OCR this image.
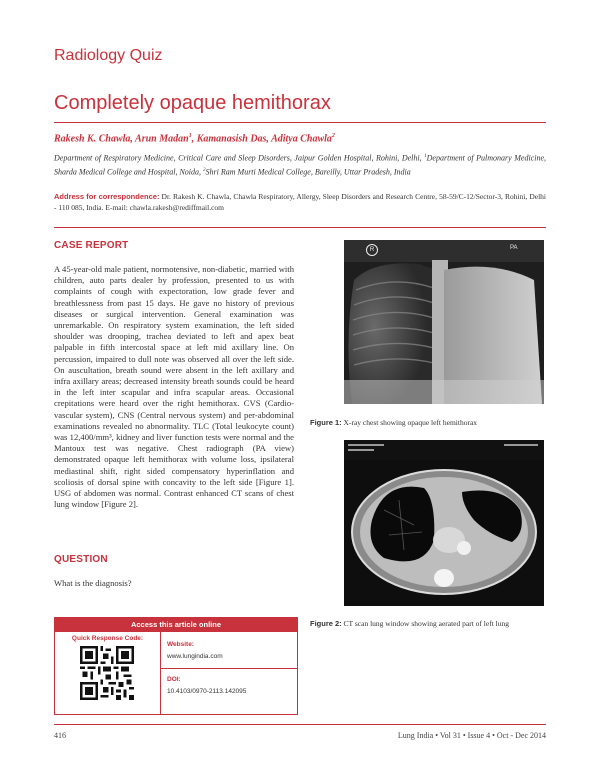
Radiology Quiz
Completely opaque hemithorax
Rakesh K. Chawla, Arun Madan$^1$, Kamanasish Das, Aditya Chawla$^2$
Department of Respiratory Medicine, Critical Care and Sleep Disorders, Jaipur Golden Hospital, Rohini, Delhi, $^1$Department of Pulmonary Medicine, Sharda Medical College and Hospital, Noida, $^2$Shri Ram Murti Medical College, Bareilly, Uttar Pradesh, India
Address for correspondence: Dr. Rakesh K. Chawla, Chawla Respiratory, Allergy, Sleep Disorders and Research Centre, 58-59/C-12/Sector-3, Rohini, Delhi - 110 085, India. E-mail: chawla.rakesh@rediffmail.com
CASE REPORT
A 45-year-old male patient, normotensive, non-diabetic, married with children, auto parts dealer by profession, presented to us with complaints of cough with expectoration, low grade fever and breathlessness from past 15 days. He gave no history of previous diseases or surgical intervention. General examination was unremarkable. On respiratory system examination, the left sided shoulder was drooping, trachea deviated to left and apex beat palpable in fifth intercostal space at left mid axillary line. On percussion, impaired to dull note was observed all over the left side. On auscultation, breath sound were absent in the left axillary and infra axillary areas; decreased intensity breath sounds could be heard in the left inter scapular and infra scapular areas. Occasional crepitations were heard over the right hemithorax. CVS (Cardio-vascular system), CNS (Central nervous system) and per-abdominal examinations revealed no abnormality. TLC (Total leukocyte count) was 12,400/mm³, kidney and liver function tests were normal and the Mantoux test was negative. Chest radiograph (PA view) demonstrated opaque left hemithorax with volume loss, ipsilateral mediastinal shift, right sided compensatory hyperinflation and scoliosis of dorsal spine with concavity to the left side [Figure 1]. USG of abdomen was normal. Contrast enhanced CT scans of chest lung window [Figure 2].
QUESTION
What is the diagnosis?
R	PA
Figure 1: X-ray chest showing opaque left hemithorax
Figure 2: CT scan lung window showing aerated part of left lung
Access this article online
Quick Response Code:
Website:
www.lungindia.com
DOI:
10.4103/0970-2113.142095
416	Lung India • Vol 31 • Issue 4 • Oct - Dec 2014
